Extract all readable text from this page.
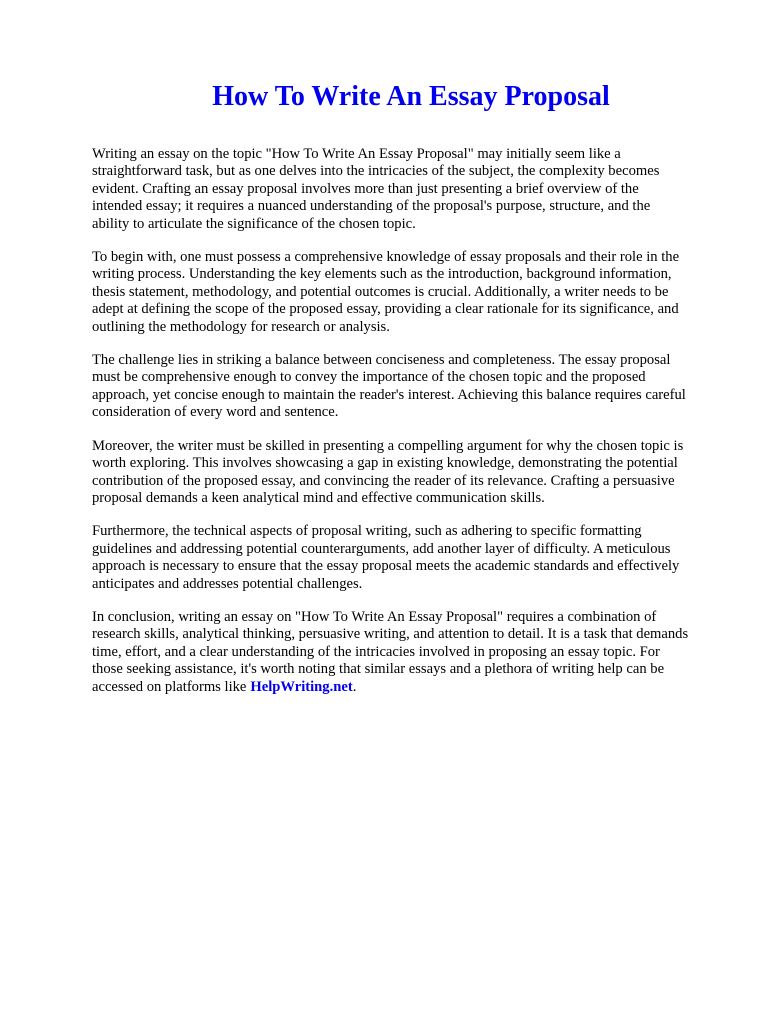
How To Write An Essay Proposal

Writing an essay on the topic "How To Write An Essay Proposal" may initially seem like a
straightforward task, but as one delves into the intricacies of the subject, the complexity becomes
evident. Crafting an essay proposal involves more than just presenting a brief overview of the
intended essay; it requires a nuanced understanding of the proposal's purpose, structure, and the
ability to articulate the significance of the chosen topic.

To begin with, one must possess a comprehensive knowledge of essay proposals and their role in the
writing process. Understanding the key elements such as the introduction, background information,
thesis statement, methodology, and potential outcomes is crucial. Additionally, a writer needs to be
adept at defining the scope of the proposed essay, providing a clear rationale for its significance, and
outlining the methodology for research or analysis.

The challenge lies in striking a balance between conciseness and completeness. The essay proposal
must be comprehensive enough to convey the importance of the chosen topic and the proposed
approach, yet concise enough to maintain the reader's interest. Achieving this balance requires careful
consideration of every word and sentence.

Moreover, the writer must be skilled in presenting a compelling argument for why the chosen topic is
worth exploring. This involves showcasing a gap in existing knowledge, demonstrating the potential
contribution of the proposed essay, and convincing the reader of its relevance. Crafting a persuasive
proposal demands a keen analytical mind and effective communication skills.

Furthermore, the technical aspects of proposal writing, such as adhering to specific formatting
guidelines and addressing potential counterarguments, add another layer of difficulty. A meticulous
approach is necessary to ensure that the essay proposal meets the academic standards and effectively
anticipates and addresses potential challenges.

In conclusion, writing an essay on "How To Write An Essay Proposal" requires a combination of
research skills, analytical thinking, persuasive writing, and attention to detail. It is a task that demands
time, effort, and a clear understanding of the intricacies involved in proposing an essay topic. For
those seeking assistance, it's worth noting that similar essays and a plethora of writing help can be
accessed on platforms like HelpWriting.net.
